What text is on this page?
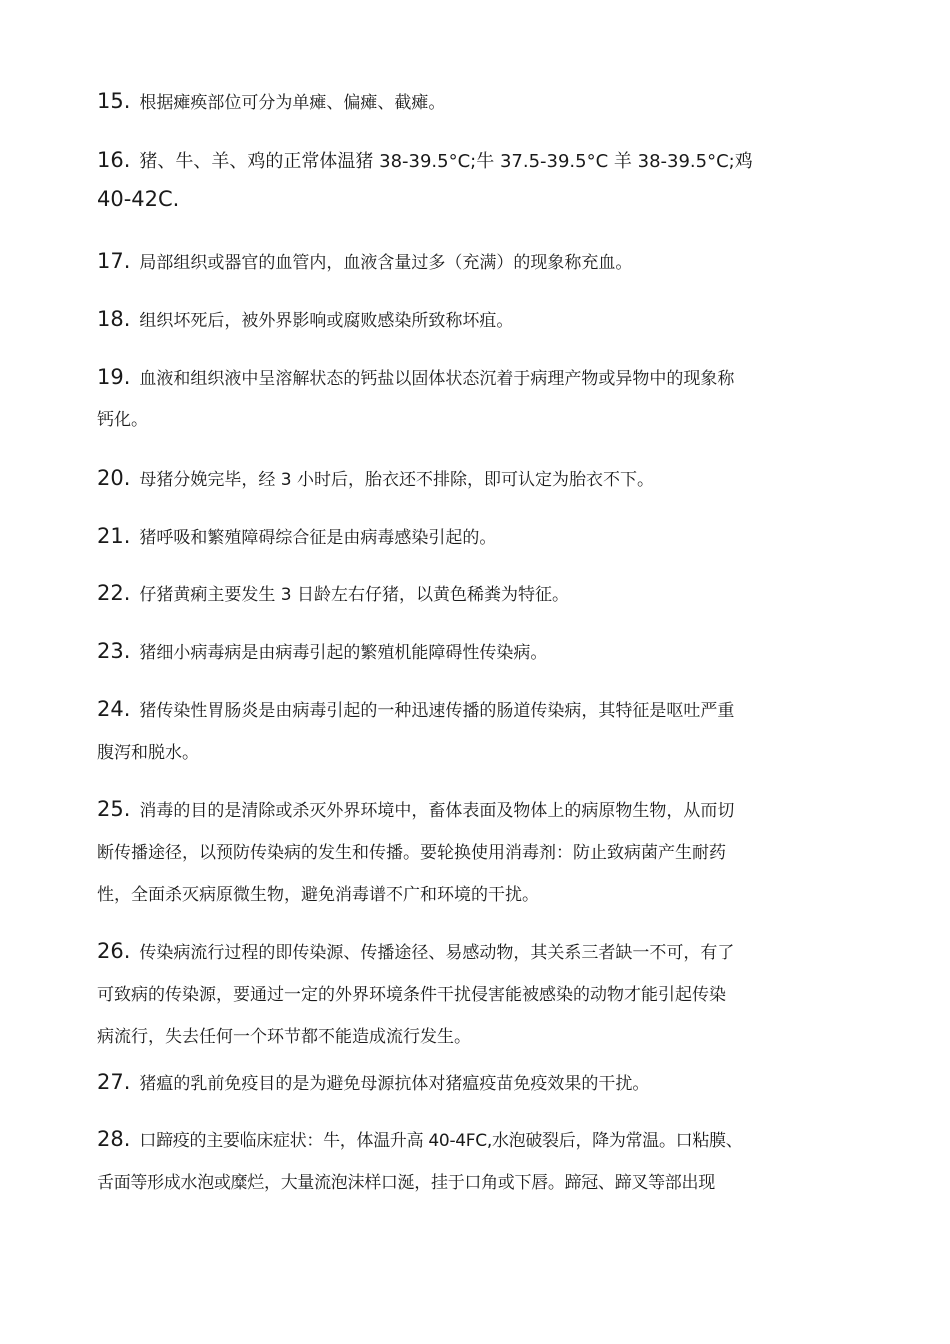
15. 根据瘫痪部位可分为单瘫、偏瘫、截瘫。
16. 猪、牛、羊、鸡的正常体温猪 38-39.5°C;牛 37.5-39.5°C 羊 38-39.5°C;鸡
40-42C.
17. 局部组织或器官的血管内，血液含量过多（充满）的现象称充血。
18. 组织坏死后，被外界影响或腐败感染所致称坏疽。
19. 血液和组织液中呈溶解状态的钙盐以固体状态沉着于病理产物或异物中的现象称
钙化。
20. 母猪分娩完毕，经 3 小时后，胎衣还不排除，即可认定为胎衣不下。
21. 猪呼吸和繁殖障碍综合征是由病毒感染引起的。
22. 仔猪黄痢主要发生 3 日龄左右仔猪，以黄色稀粪为特征。
23. 猪细小病毒病是由病毒引起的繁殖机能障碍性传染病。
24. 猪传染性胃肠炎是由病毒引起的一种迅速传播的肠道传染病，其特征是呕吐严重
腹泻和脱水。
25. 消毒的目的是清除或杀灭外界环境中，畜体表面及物体上的病原物生物，从而切
断传播途径，以预防传染病的发生和传播。要轮换使用消毒剂：防止致病菌产生耐药
性，全面杀灭病原微生物，避免消毒谱不广和环境的干扰。
26. 传染病流行过程的即传染源、传播途径、易感动物，其关系三者缺一不可，有了
可致病的传染源，要通过一定的外界环境条件干扰侵害能被感染的动物才能引起传染
病流行，失去任何一个环节都不能造成流行发生。
27. 猪瘟的乳前免疫目的是为避免母源抗体对猪瘟疫苗免疫效果的干扰。
28. 口蹄疫的主要临床症状：牛，体温升高 40-4FC,水泡破裂后，降为常温。口粘膜、
舌面等形成水泡或糜烂，大量流泡沫样口涎，挂于口角或下唇。蹄冠、蹄叉等部出现
